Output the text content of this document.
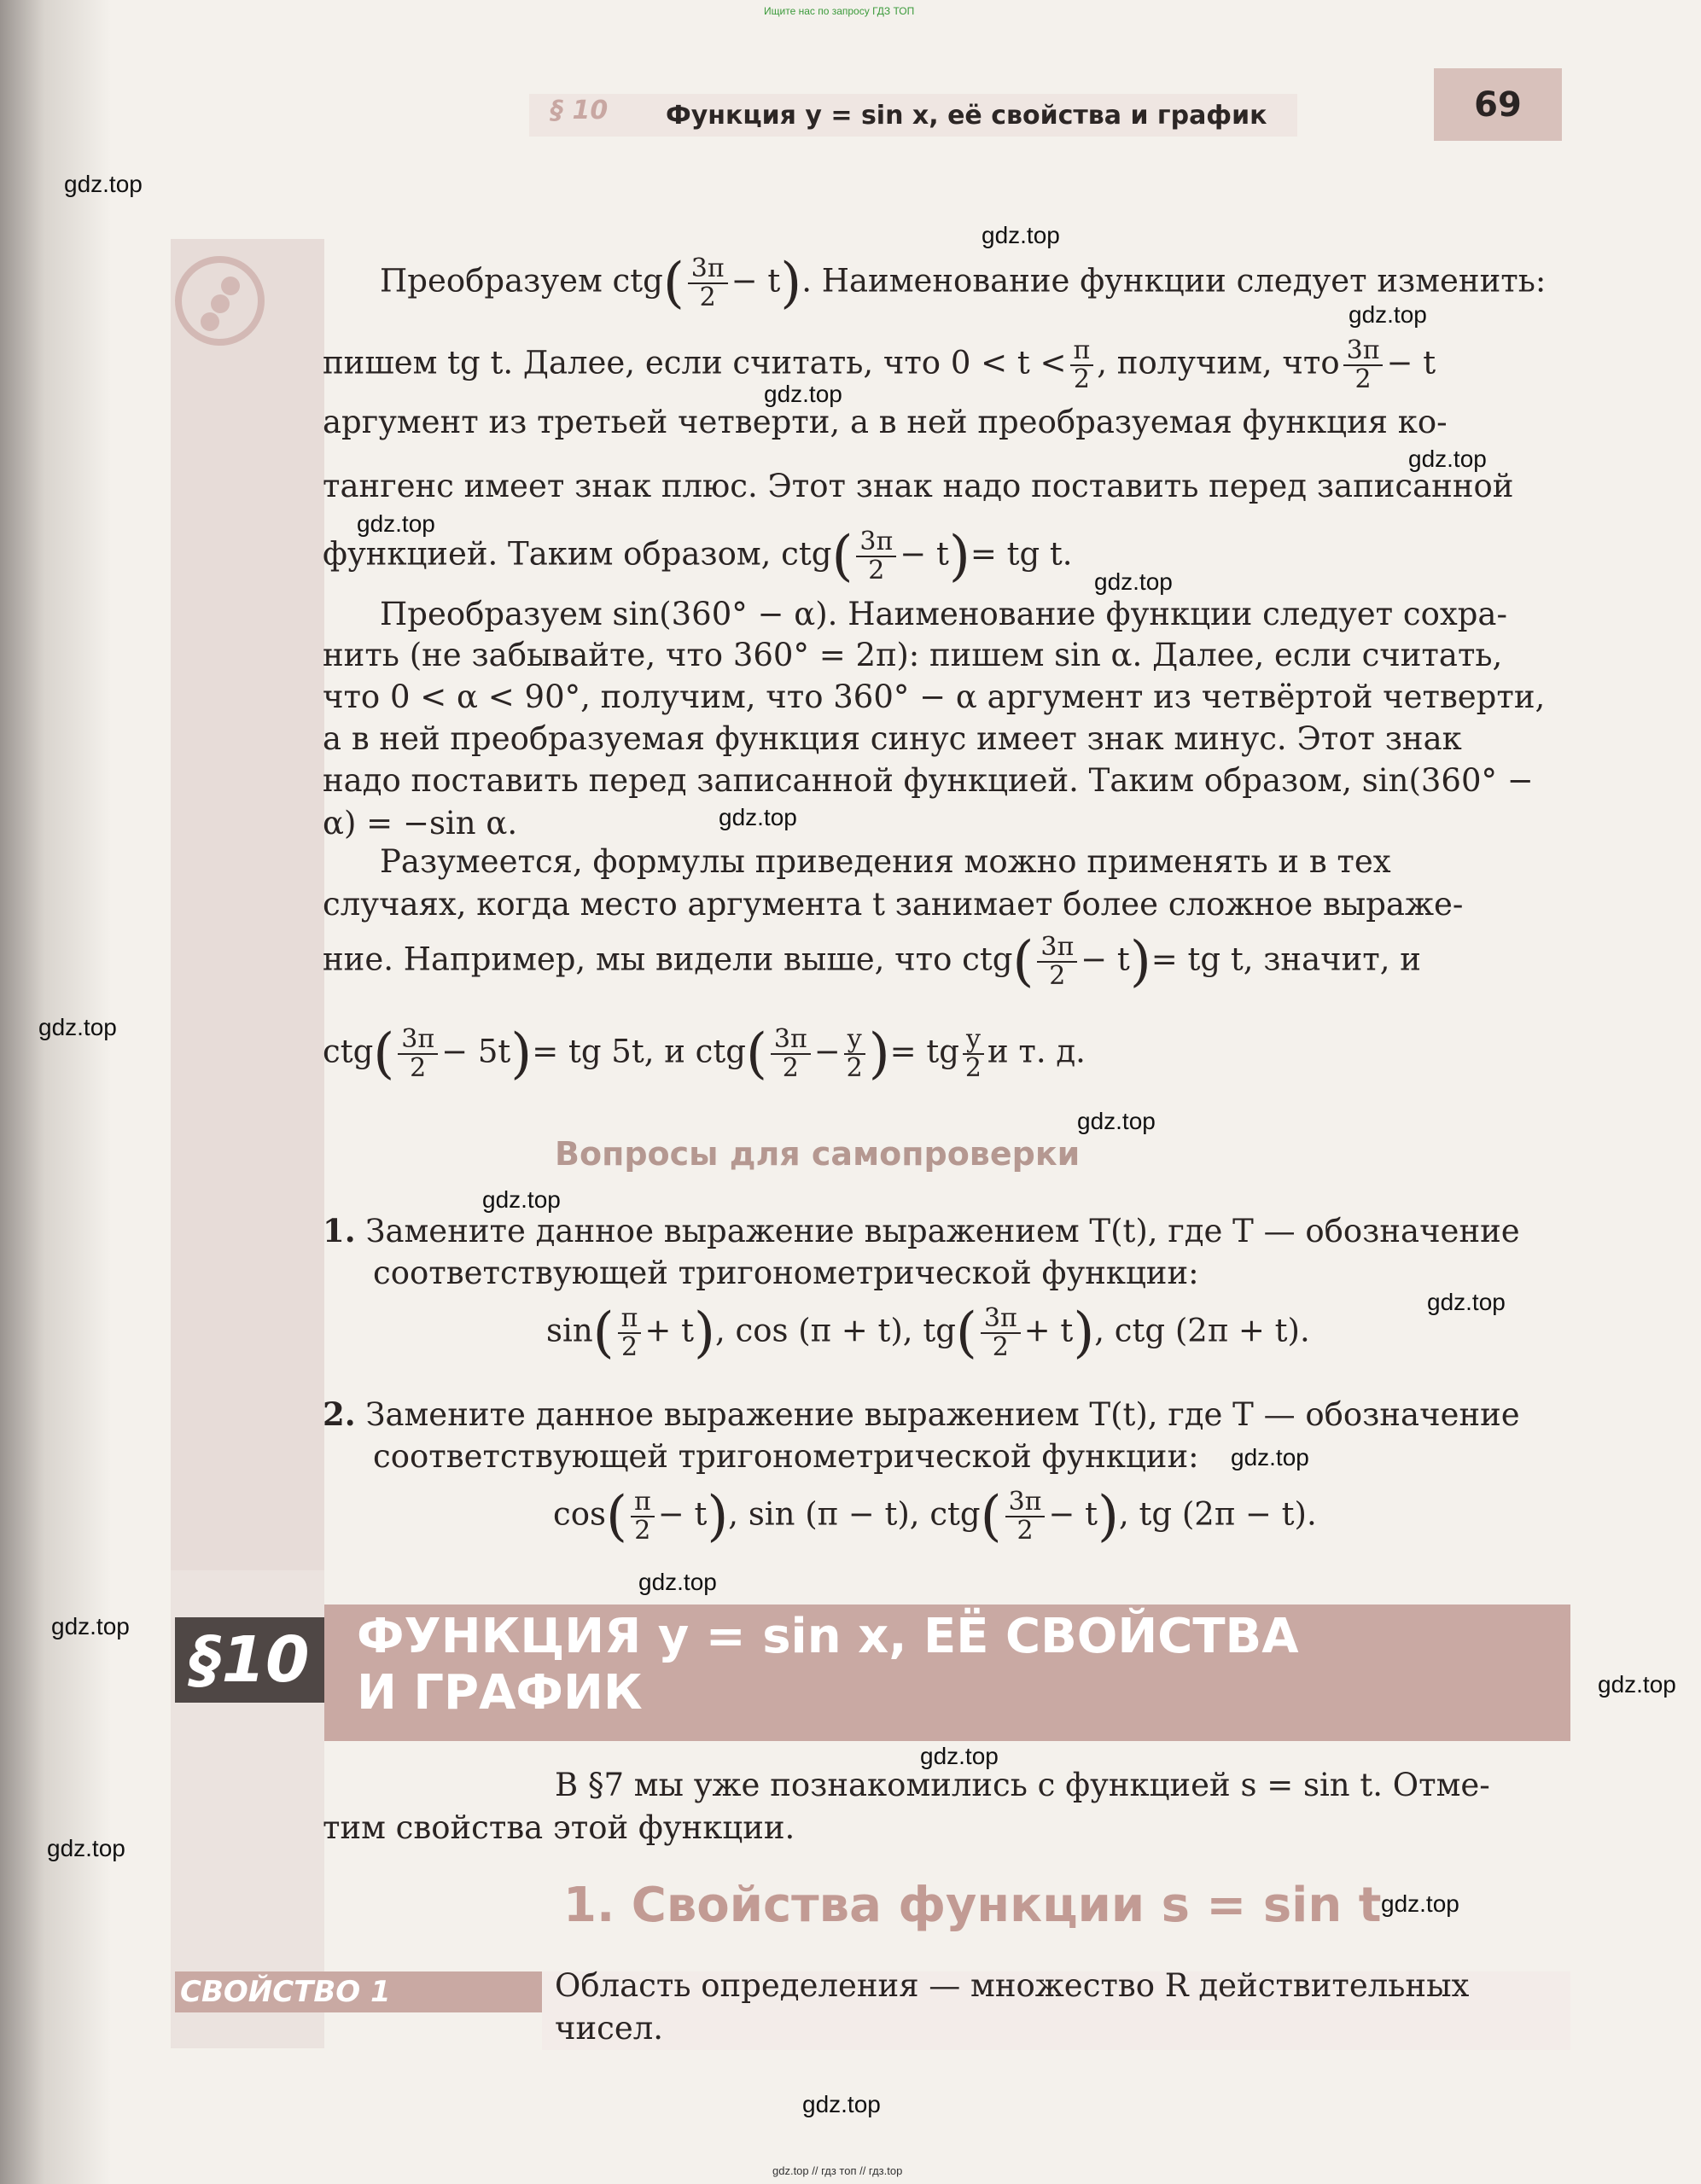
Ищите нас по запросу ГДЗ ТОП
§ 10 Функция y = sin x, её свойства и график	69
gdz.top
gdz.top
gdz.top
gdz.top
gdz.top
gdz.top
gdz.top
gdz.top
gdz.top
gdz.top
gdz.top
gdz.top
gdz.top
gdz.top
gdz.top
gdz.top
gdz.top
gdz.top
gdz.top
gdz.top
Преобразуем $ctg( \frac{3\pi}{2} - t)$. Наименование функции следует изменить:
пишем tg t. Далее, если считать, что $0 < t < \frac{\pi}{2}$ , получим, что $\frac{3\pi}{2} - t$
аргумент из третьей четверти, а в ней преобразуемая функция ко-
тангенс имеет знак плюс. Этот знак надо поставить перед записанной
функцией. Таким образом, $ctg( \frac{3\pi}{2} - t)=$ tg t.
Преобразуем sin(360° − α). Наименование функции следует сохра-
нить (не забывайте, что 360° = 2π): пишем sin α. Далее, если считать,
что 0 < α < 90°, получим, что 360° − α аргумент из четвёртой четверти,
а в ней преобразуемая функция синус имеет знак минус. Этот знак
надо поставить перед записанной функцией. Таким образом, sin(360° −
α) = −sin α.
Разумеется, формулы приведения можно применять и в тех
случаях, когда место аргумента t занимает более сложное выраже-
ние. Например, мы видели выше, что $ctg( \frac{3\pi}{2} - t)=$ tg t, значит, и
$ctg( \frac{3\pi}{2} - 5t)=$ tg 5t, и $ctg( \frac{3\pi}{2} - \frac{y}{2}$ )= tg $\frac{y}{2}$ и т. д.
Вопросы для самопроверки
1. Замените данное выражение выражением T(t), где T — обозначение
соответствующей тригонометрической функции:
$\sin( \frac{\pi}{2} + t)$, cos (π + t), $tg( \frac{3\pi}{2} + t)$, ctg (2π + t).
2. Замените данное выражение выражением T(t), где T — обозначение
соответствующей тригонометрической функции:
$\cos( \frac{\pi}{2} - t)$, sin (π − t), $ctg( \frac{3\pi}{2} - t)$, tg (2π − t).
§10 ФУНКЦИЯ y = sin x, ЕЁ СВОЙСТВА
И ГРАФИК
В §7 мы уже познакомились с функцией s = sin t. Отме-
тим свойства этой функции.
1. Свойства функции s = sin t
СВОЙСТВО 1	Область определения — множество R действительных
чисел.
gdz.top // гдз топ // гдз.top
